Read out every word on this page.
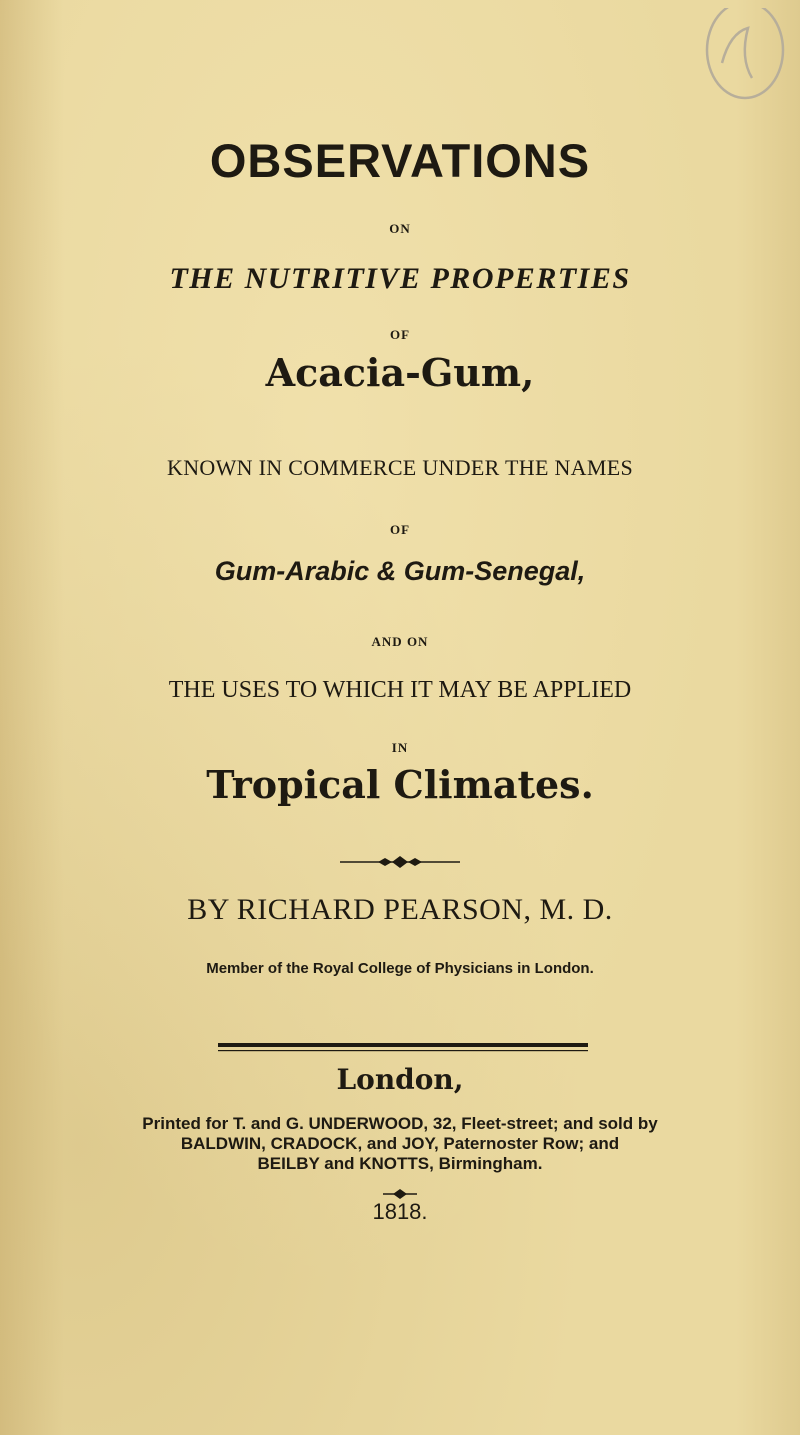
OBSERVATIONS
ON
THE NUTRITIVE PROPERTIES
OF
Acacia-Gum,
KNOWN IN COMMERCE UNDER THE NAMES
OF
Gum-Arabic & Gum-Senegal,
AND ON
THE USES TO WHICH IT MAY BE APPLIED
IN
Tropical Climates.
BY RICHARD PEARSON, M. D.
Member of the Royal College of Physicians in London.
London,
Printed for T. and G. UNDERWOOD, 32, Fleet-street; and sold by
BALDWIN, CRADOCK, and JOY, Paternoster Row; and
BEILBY and KNOTTS, Birmingham.
1818.
